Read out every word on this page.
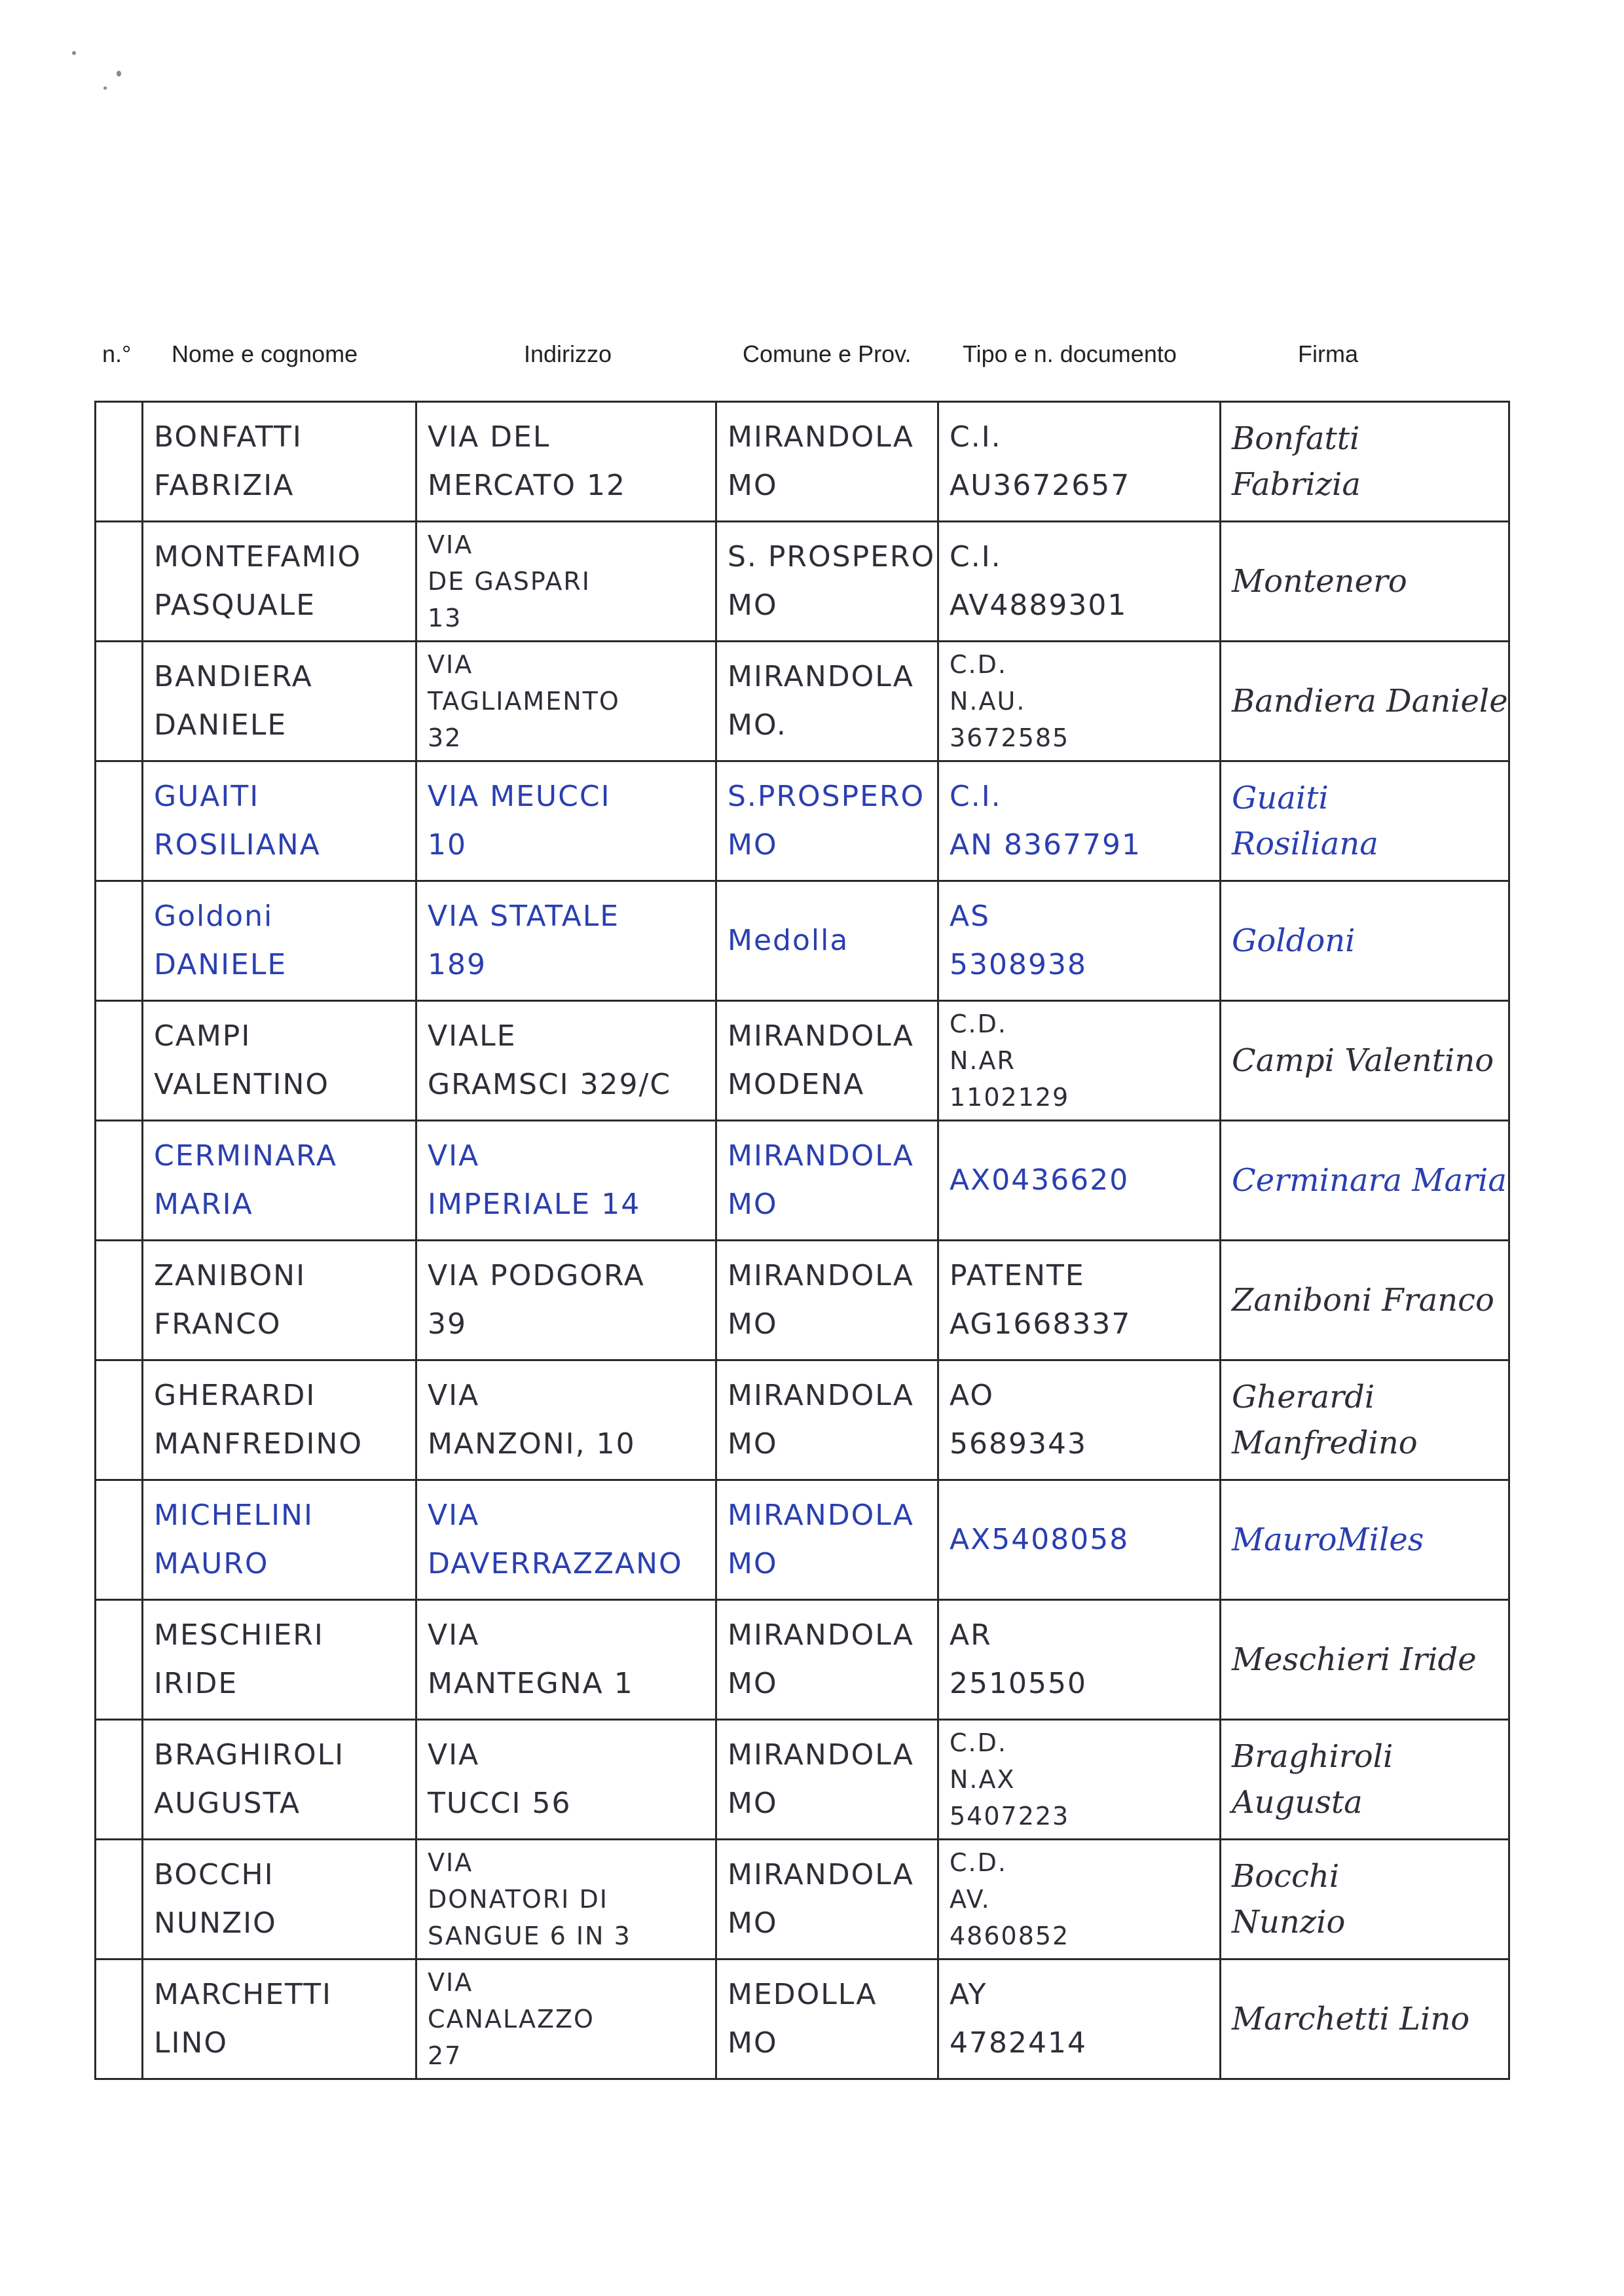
n.° Nome e cognome	Indirizzo	Comune e Prov. Tipo e n. documento	Firma

	BONFATTI
FABRIZIA	VIA DEL
MERCATO 12	MIRANDOLA
MO	C.I.
AU3672657	Bonfatti
Fabrizia

	MONTEFAMIO
PASQUALE	VIA
DE GASPARI
13	S. PROSPERO
MO	C.I.
AV4889301	Montenero

	BANDIERA
DANIELE	VIA
TAGLIAMENTO
32	MIRANDOLA
MO.	C.D.
N.AU.
3672585	Bandiera Daniele

	GUAITI
ROSILIANA	VIA MEUCCI
10	S.PROSPERO
MO	C.I.
AN 8367791	Guaiti
Rosiliana

	Goldoni
DANIELE	VIA STATALE
189	Medolla	AS
5308938	Goldoni

	CAMPI
VALENTINO	VIALE
GRAMSCI 329/C	MIRANDOLA
MODENA	C.D.
N.AR
1102129	Campi Valentino

	CERMINARA
MARIA	VIA
IMPERIALE 14	MIRANDOLA
MO	AX0436620	Cerminara Maria

	ZANIBONI
FRANCO	VIA PODGORA
39	MIRANDOLA
MO	PATENTE
AG1668337	Zaniboni Franco

	GHERARDI
MANFREDINO	VIA
MANZONI, 10	MIRANDOLA
MO	AO
5689343	Gherardi
Manfredino

	MICHELINI
MAURO	VIA
DAVERRAZZANO	MIRANDOLA
MO	AX5408058	MauroMiles

	MESCHIERI
IRIDE	VIA
MANTEGNA 1	MIRANDOLA
MO	AR
2510550	Meschieri Iride

	BRAGHIROLI
AUGUSTA	VIA
TUCCI 56	MIRANDOLA
MO	C.D.
N.AX
5407223	Braghiroli
Augusta

	BOCCHI
NUNZIO	VIA
DONATORI DI
SANGUE 6 IN 3	MIRANDOLA
MO	C.D.
AV.
4860852	Bocchi
Nunzio

	MARCHETTI
LINO	VIA
CANALAZZO
27	MEDOLLA
MO	AY
4782414	Marchetti Lino
